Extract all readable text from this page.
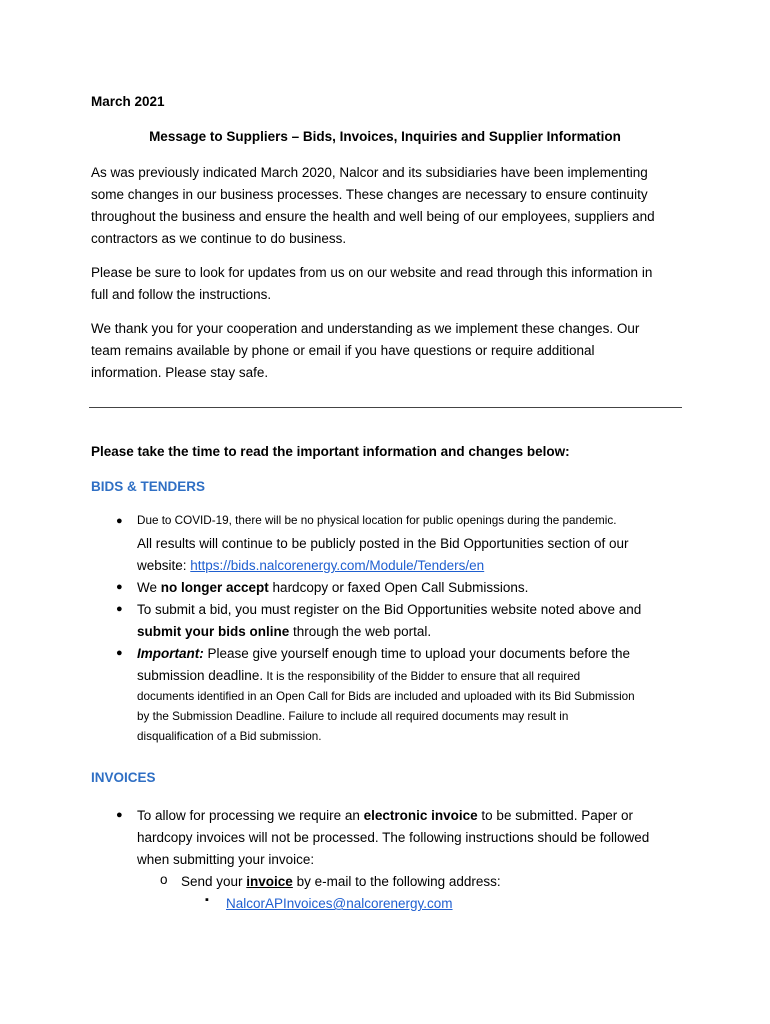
March 2021
Message to Suppliers – Bids, Invoices, Inquiries and Supplier Information
As was previously indicated March 2020, Nalcor and its subsidiaries have been implementing
some changes in our business processes. These changes are necessary to ensure continuity
throughout the business and ensure the health and well being of our employees, suppliers and
contractors as we continue to do business.
Please be sure to look for updates from us on our website and read through this information in
full and follow the instructions.
We thank you for your cooperation and understanding as we implement these changes. Our
team remains available by phone or email if you have questions or require additional
information. Please stay safe.
Please take the time to read the important information and changes below:
BIDS & TENDERS
● Due to COVID-19, there will be no physical location for public openings during the pandemic.
All results will continue to be publicly posted in the Bid Opportunities section of our
website: https://bids.nalcorenergy.com/Module/Tenders/en
● We no longer accept hardcopy or faxed Open Call Submissions.
● To submit a bid, you must register on the Bid Opportunities website noted above and
submit your bids online through the web portal.
● Important: Please give yourself enough time to upload your documents before the
submission deadline. It is the responsibility of the Bidder to ensure that all required
documents identified in an Open Call for Bids are included and uploaded with its Bid Submission
by the Submission Deadline. Failure to include all required documents may result in
disqualification of a Bid submission.
INVOICES
● To allow for processing we require an electronic invoice to be submitted. Paper or
hardcopy invoices will not be processed. The following instructions should be followed
when submitting your invoice:
o Send your invoice by e-mail to the following address:
▪ NalcorAPInvoices@nalcorenergy.com
